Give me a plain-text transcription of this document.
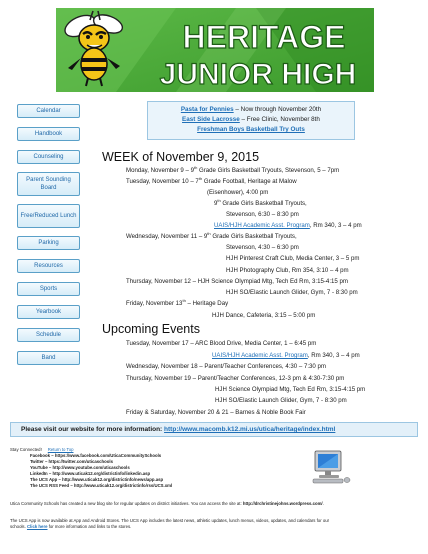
HERITAGE
JUNIOR HIGH
Calendar
Handbook
Counseling
Parent Sounding Board
Free/Reduced Lunch
Parking
Resources
Sports
Yearbook
Schedule
Band
Pasta for Pennies – Now through November 20th
East Side Lacrosse – Free Clinic, November 8th
Freshman Boys Basketball Try Outs
WEEK of November 9, 2015
Monday, November 9 – 9th Grade Girls Basketball Tryouts, Stevenson, 5 – 7pm
Tuesday, November 10 – 7th Grade Football, Heritage at Malow
(Eisenhower), 4:00 pm
9th Grade Girls Basketball Tryouts,
Stevenson, 6:30 – 8:30 pm
UAIS/HJH Academic Asst. Program, Rm 340, 3 – 4 pm
Wednesday, November 11 – 9th Grade Girls Basketball Tryouts,
Stevenson, 4:30 – 6:30 pm
HJH Pinterest Craft Club, Media Center, 3 – 5 pm
HJH Photography Club, Rm 354, 3:10 – 4 pm
Thursday, November 12 – HJH Science Olympiad Mtg, Tech Ed Rm, 3:15-4:15 pm
HJH SO/Elastic Launch Glider, Gym, 7 - 8:30 pm
Friday, November 13th – Heritage Day
HJH Dance, Cafeteria, 3:15 – 5:00 pm
Upcoming Events
Tuesday, November 17 – ARC Blood Drive, Media Center, 1 – 6:45 pm
UAIS/HJH Academic Asst. Program, Rm 340, 3 – 4 pm
Wednesday, November 18 – Parent/Teacher Conferences, 4:30 – 7:30 pm
Thursday, November 19 – Parent/Teacher Conferences, 12-3 pm & 4:30-7:30 pm
HJH Science Olympiad Mtg, Tech Ed Rm, 3:15-4:15 pm
HJH SO/Elastic Launch Glider, Gym, 7 - 8:30 pm
Friday & Saturday, November 20 & 21 – Barnes & Noble Book Fair
Please visit our website for more information: http://www.macomb.k12.mi.us/utica/heritage/index.html
Stay Connected! Return to Top
Facebook – https://www.facebook.com/UticaCommunitySchools
Twitter – https://twitter.com/uticaschools
YouTube – http://www.youtube.com/uticaschools
LinkedIn – http://www.uticak12.org/districtinfo/linkedin.asp
The UCS App – http://www.uticak12.org/districtinfo/news/app.asp
The UCS RSS Feed – http://www.uticak12.org/districtinfo/rss/UCS.xml
Utica Community Schools has created a new blog site for regular updates on district initiatives. You can access the site at: http://drchristinejohns.wordpress.com/.
The UCS App is now available at App and Android Stores. The UCS App includes the latest news, athletic updates, lunch menus, videos, updates, and calendars for our
schools. Click here for more information and links to the stores.
